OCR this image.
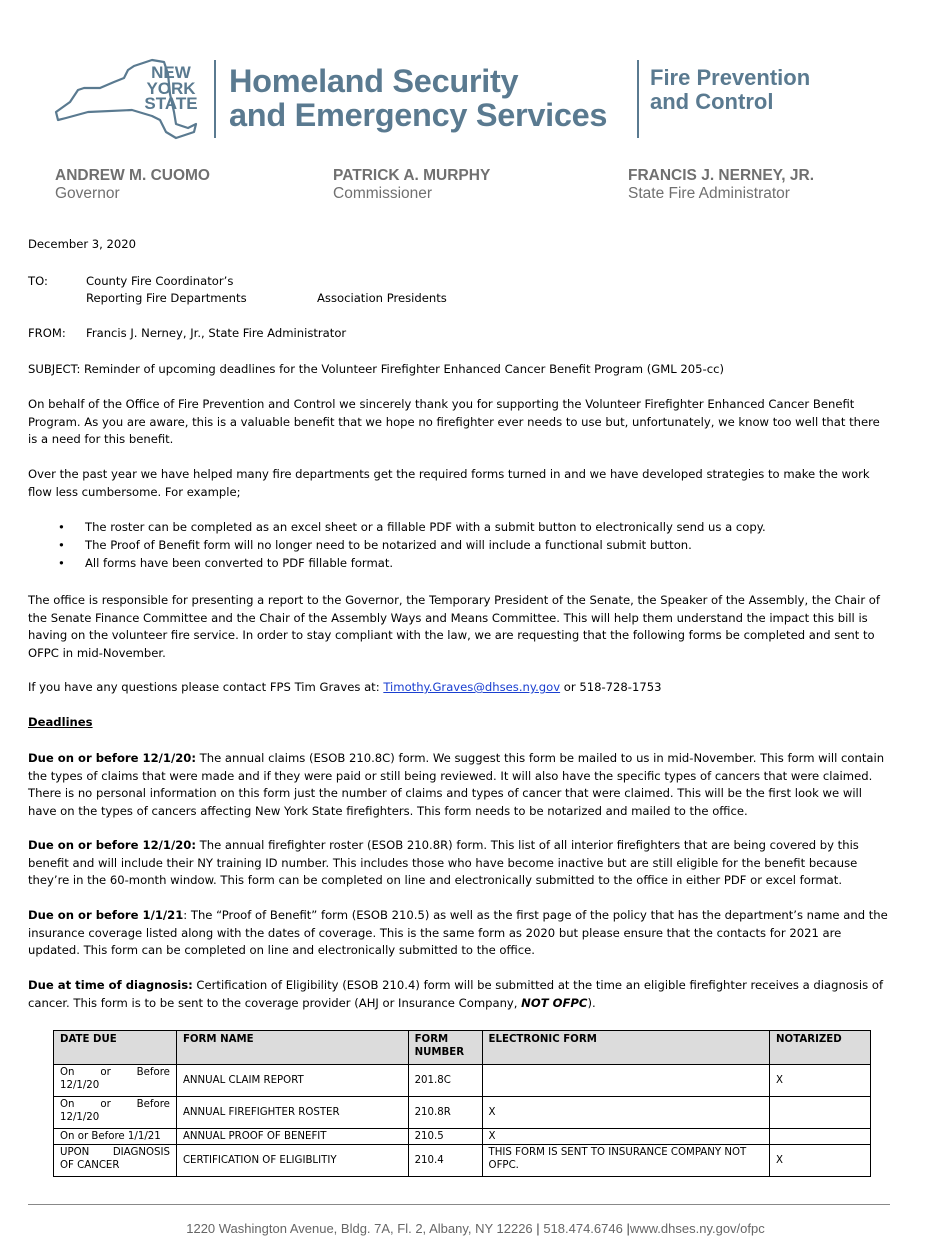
NEW
YORK
STATE
Homeland Security
and Emergency Services
Fire Prevention
and Control
ANDREW M. CUOMO
Governor
PATRICK A. MURPHY
Commissioner
FRANCIS J. NERNEY, JR.
State Fire Administrator
December 3, 2020
TO:	County Fire Coordinator’s
Reporting Fire Departments	Association Presidents
FROM: Francis J. Nerney, Jr., State Fire Administrator
SUBJECT: Reminder of upcoming deadlines for the Volunteer Firefighter Enhanced Cancer Benefit Program (GML 205-cc)
On behalf of the Office of Fire Prevention and Control we sincerely thank you for supporting the Volunteer Firefighter Enhanced Cancer Benefit
Program. As you are aware, this is a valuable benefit that we hope no firefighter ever needs to use but, unfortunately, we know too well that there
is a need for this benefit.
Over the past year we have helped many fire departments get the required forms turned in and we have developed strategies to make the work
flow less cumbersome. For example;
• The roster can be completed as an excel sheet or a fillable PDF with a submit button to electronically send us a copy.
• The Proof of Benefit form will no longer need to be notarized and will include a functional submit button.
• All forms have been converted to PDF fillable format.
The office is responsible for presenting a report to the Governor, the Temporary President of the Senate, the Speaker of the Assembly, the Chair of
the Senate Finance Committee and the Chair of the Assembly Ways and Means Committee. This will help them understand the impact this bill is
having on the volunteer fire service. In order to stay compliant with the law, we are requesting that the following forms be completed and sent to
OFPC in mid-November.
If you have any questions please contact FPS Tim Graves at: Timothy.Graves@dhses.ny.gov or 518-728-1753
Deadlines
Due on or before 12/1/20: The annual claims (ESOB 210.8C) form. We suggest this form be mailed to us in mid-November. This form will contain
the types of claims that were made and if they were paid or still being reviewed. It will also have the specific types of cancers that were claimed.
There is no personal information on this form just the number of claims and types of cancer that were claimed. This will be the first look we will
have on the types of cancers affecting New York State firefighters. This form needs to be notarized and mailed to the office.
Due on or before 12/1/20: The annual firefighter roster (ESOB 210.8R) form. This list of all interior firefighters that are being covered by this
benefit and will include their NY training ID number. This includes those who have become inactive but are still eligible for the benefit because
they’re in the 60-month window. This form can be completed on line and electronically submitted to the office in either PDF or excel format.
Due on or before 1/1/21: The “Proof of Benefit” form (ESOB 210.5) as well as the first page of the policy that has the department’s name and the
insurance coverage listed along with the dates of coverage. This is the same form as 2020 but please ensure that the contacts for 2021 are
updated. This form can be completed on line and electronically submitted to the office.
Due at time of diagnosis: Certification of Eligibility (ESOB 210.4) form will be submitted at the time an eligible firefighter receives a diagnosis of
cancer. This form is to be sent to the coverage provider (AHJ or Insurance Company, NOT OFPC).
DATE DUE	FORM NAME	FORM NUMBER	ELECTRONIC FORM	NOTARIZED

On or Before
12/1/20	ANNUAL CLAIM REPORT	201.8C		X

On or Before
12/1/20	ANNUAL FIREFIGHTER ROSTER	210.8R	X	
On or Before 1/1/21	ANNUAL PROOF OF BENEFIT	210.5	X	

UPON DIAGNOSIS
OF CANCER	CERTIFICATION OF ELIGIBLITIY	210.4	THIS FORM IS SENT TO INSURANCE COMPANY NOT OFPC.	X
1220 Washington Avenue, Bldg. 7A, Fl. 2, Albany, NY 12226 | 518.474.6746 |www.dhses.ny.gov/ofpc
